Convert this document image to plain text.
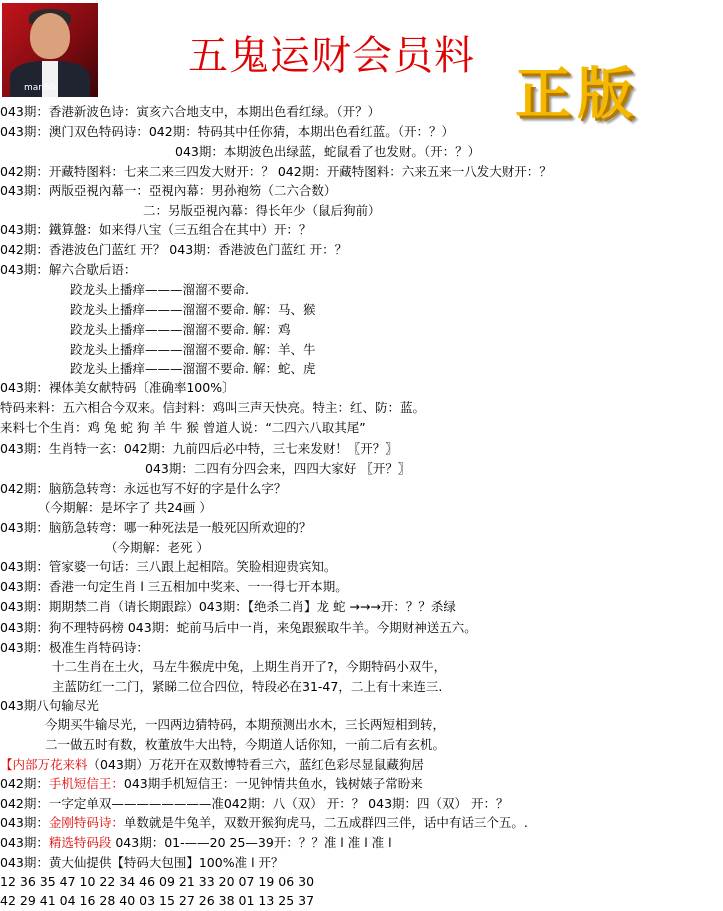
manSix
五鬼运财会员料
正版
043期：香港新波色诗：寅亥六合地支中，本期出色看红绿。（开？）
043期：澳门双色特码诗：042期：特码其中任你猜，本期出色看红蓝。（开：？）
043期：本期波色出绿蓝，蛇鼠看了也发财。（开：？）
042期：开藏特图料：七来二来三四发大财开：？ 042期：开藏特图料：六来五来一八发大财开：？
043期：两版亞視內幕一：亞視內幕：男孙袍笏（二六合数）
二：另版亞視內幕：得长年少（鼠后狗前）
043期：鐵算盤：如来得八宝（三五组合在其中）开：？
042期：香港波色门蓝红 开？ 043期：香港波色门蓝红 开：？
043期：解六合歇后语：
跤龙头上播痒———溜溜不要命.
跤龙头上播痒———溜溜不要命. 解：马、猴
跤龙头上播痒———溜溜不要命. 解：鸡
跤龙头上播痒———溜溜不要命. 解：羊、牛
跤龙头上播痒———溜溜不要命. 解：蛇、虎
043期：裸体美女献特码〔准确率100%〕
特码来料：五六相合今双来。信封料：鸡叫三声天快亮。特主：红、防：蓝。
来料七个生肖：鸡 兔 蛇 狗 羊 牛 猴 曾道人说：“二四六八取其尾”
043期：生肖特一玄：042期：九前四后必中特，三七来发财！〖开？〗
043期：二四有分四会来，四四大家好 〖开？〗
042期：脑筋急转弯：永远也写不好的字是什么字？
（今期解：是坏字了 共24画 ）
043期：脑筋急转弯：哪一种死法是一般死囚所欢迎的？
（今期解：老死 ）
043期：管家婆一句话：三八跟上起相陪。笑脸相迎贵宾知。
043期：香港一句定生肖 l 三五相加中奖来、一一得七开本期。
043期：期期禁二肖（请长期跟踪）043期：【绝杀二肖】龙 蛇 →→→开：？？杀绿
043期：狗不理特码榜 043期：蛇前马后中一肖，来兔跟猴取牛羊。今期财神送五六。
043期：极准生肖特码诗：
十二生肖在土火，马左牛猴虎中兔，上期生肖开了?，今期特码小双牛，
主蓝防红一二门，紧睇二位合四位，特段必在31-47，二上有十来连三.
043期八句输尽光
今期买牛输尽光，一四两边猜特码，本期预测出水木，三长两短相到转，
二一做五时有数，枚董放牛大出特，今期道人话你知，一前二后有玄机。
【内部万花来料（043期）万花开在双数博特看三六，蓝红色彩尽显鼠藏狗居
042期：手机短信王：043期手机短信王：一见钟情共鱼水，钱树婊子常盼来
042期：一字定单双————————准042期：八（双） 开：？ 043期：四（双） 开：？
043期：金刚特码诗：单数就是牛兔羊，双数开猴狗虎马，二五成群四三伴，话中有话三个五。.
043期：精选特码段 043期：01-——20 25—39开：？？准 l 准 l 准 l
043期：黄大仙提供【特码大包围】100%准 l 开？
12 36 35 47 10 22 34 46 09 21 33 20 07 19 06 30
42 29 41 04 16 28 40 03 15 27 26 38 01 13 25 37
